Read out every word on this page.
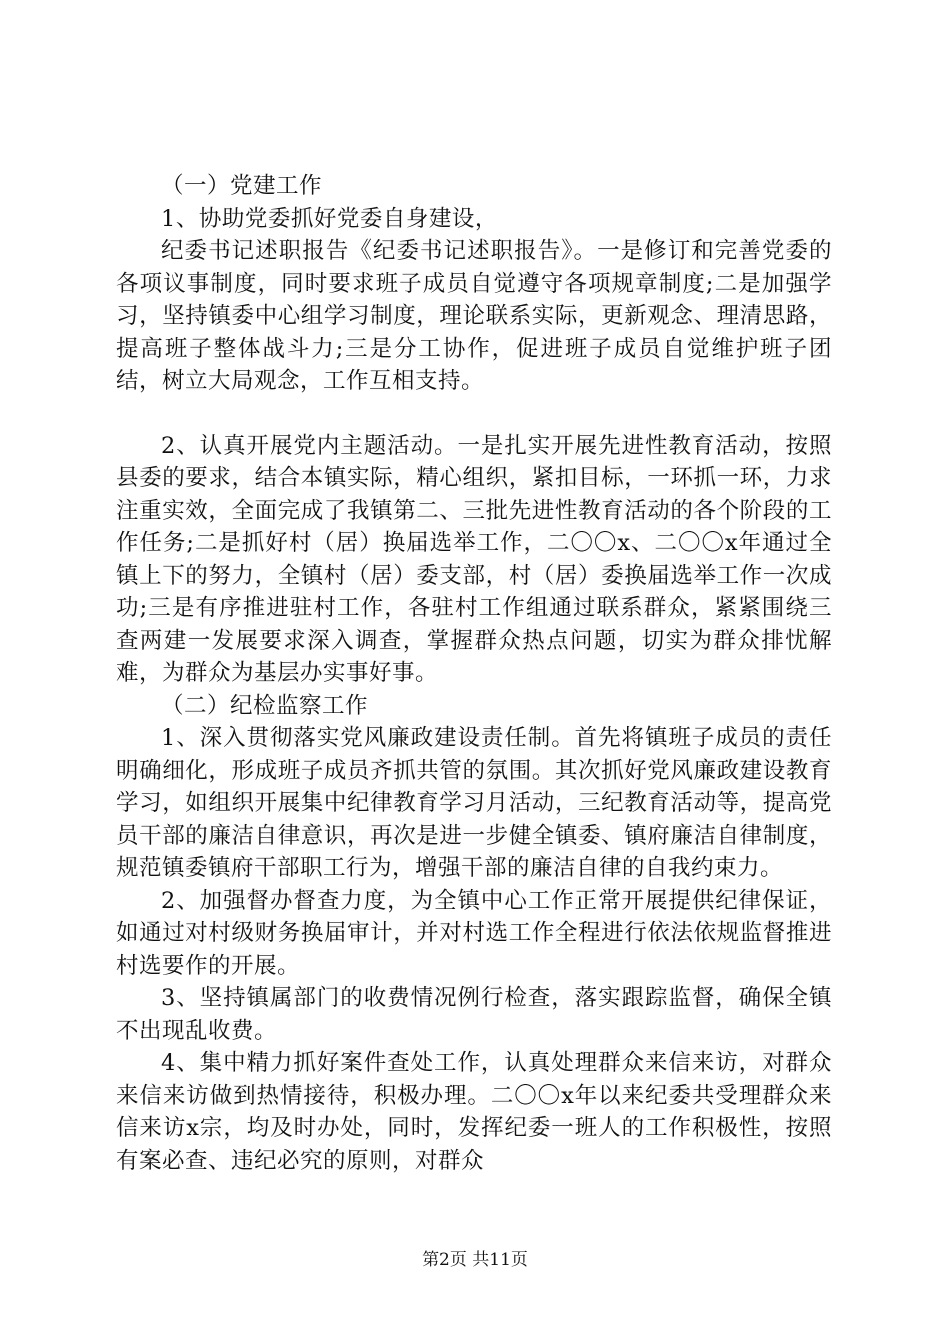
（一）党建工作

1、协助党委抓好党委自身建设，

纪委书记述职报告《纪委书记述职报告》。一是修订和完善党委的各项议事制度，同时要求班子成员自觉遵守各项规章制度;二是加强学习，坚持镇委中心组学习制度，理论联系实际，更新观念、理清思路，提高班子整体战斗力;三是分工协作，促进班子成员自觉维护班子团结，树立大局观念，工作互相支持。

2、认真开展党内主题活动。一是扎实开展先进性教育活动，按照县委的要求，结合本镇实际，精心组织，紧扣目标，一环抓一环，力求注重实效，全面完成了我镇第二、三批先进性教育活动的各个阶段的工作任务;二是抓好村（居）换届选举工作，二〇〇x、二〇〇x年通过全镇上下的努力，全镇村（居）委支部，村（居）委换届选举工作一次成功;三是有序推进驻村工作，各驻村工作组通过联系群众，紧紧围绕三查两建一发展要求深入调查，掌握群众热点问题，切实为群众排忧解难，为群众为基层办实事好事。

（二）纪检监察工作

1、深入贯彻落实党风廉政建设责任制。首先将镇班子成员的责任明确细化，形成班子成员齐抓共管的氛围。其次抓好党风廉政建设教育学习，如组织开展集中纪律教育学习月活动，三纪教育活动等，提高党员干部的廉洁自律意识，再次是进一步健全镇委、镇府廉洁自律制度，规范镇委镇府干部职工行为，增强干部的廉洁自律的自我约束力。

2、加强督办督查力度，为全镇中心工作正常开展提供纪律保证，如通过对村级财务换届审计，并对村选工作全程进行依法依规监督推进村选要作的开展。

3、坚持镇属部门的收费情况例行检查，落实跟踪监督，确保全镇不出现乱收费。

4、集中精力抓好案件查处工作，认真处理群众来信来访，对群众来信来访做到热情接待，积极办理。二〇〇x年以来纪委共受理群众来信来访x宗，均及时办处，同时，发挥纪委一班人的工作积极性，按照有案必查、违纪必究的原则，对群众

第2页 共11页
